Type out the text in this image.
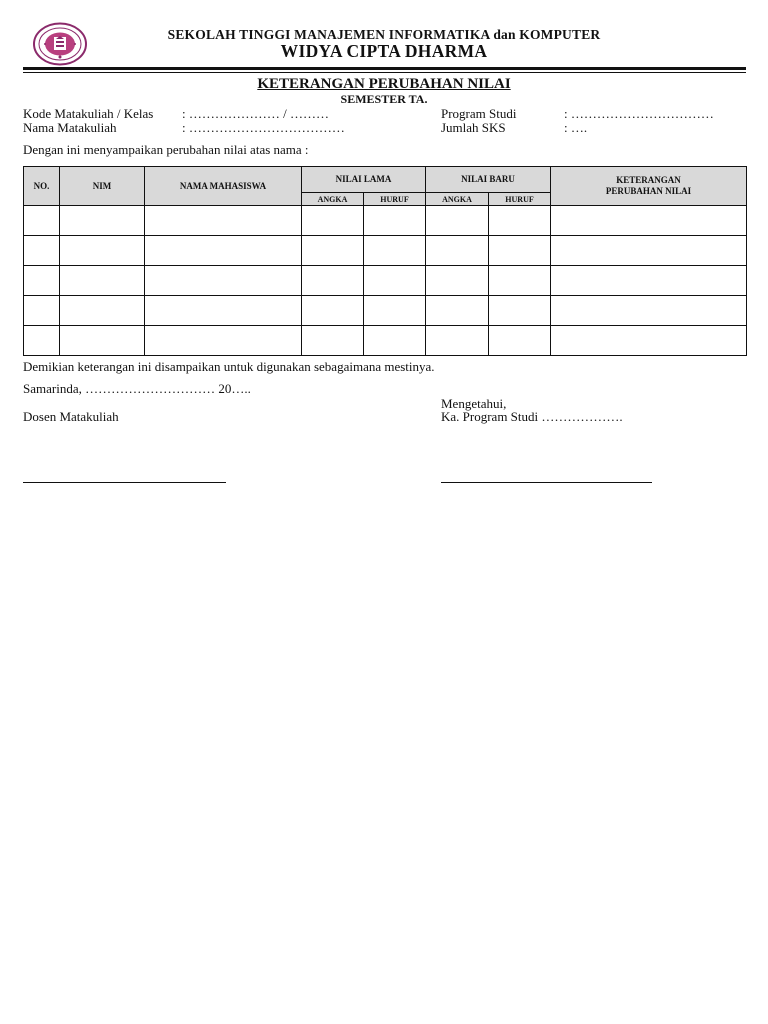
SEKOLAH TINGGI MANAJEMEN INFORMATIKA dan KOMPUTER
WIDYA CIPTA DHARMA
KETERANGAN PERUBAHAN NILAI
SEMESTER TA.
Kode Matakuliah / Kelas : ………………… / ………
Nama Matakuliah	: ………………………………
Program Studi	: ……………………………
Jumlah SKS	: ….
Dengan ini menyampaikan perubahan nilai atas nama :
NO.	NIM	NAMA MAHASISWA	NILAI LAMA		NILAI BARU		KETERANGAN
PERUBAHAN NILAI
			ANGKA	HURUF	ANGKA	HURUF	

Demikian keterangan ini disampaikan untuk digunakan sebagaimana mestinya.
Samarinda, ………………………… 20…..
Mengetahui,
Dosen Matakuliah	Ka. Program Studi ……………….
